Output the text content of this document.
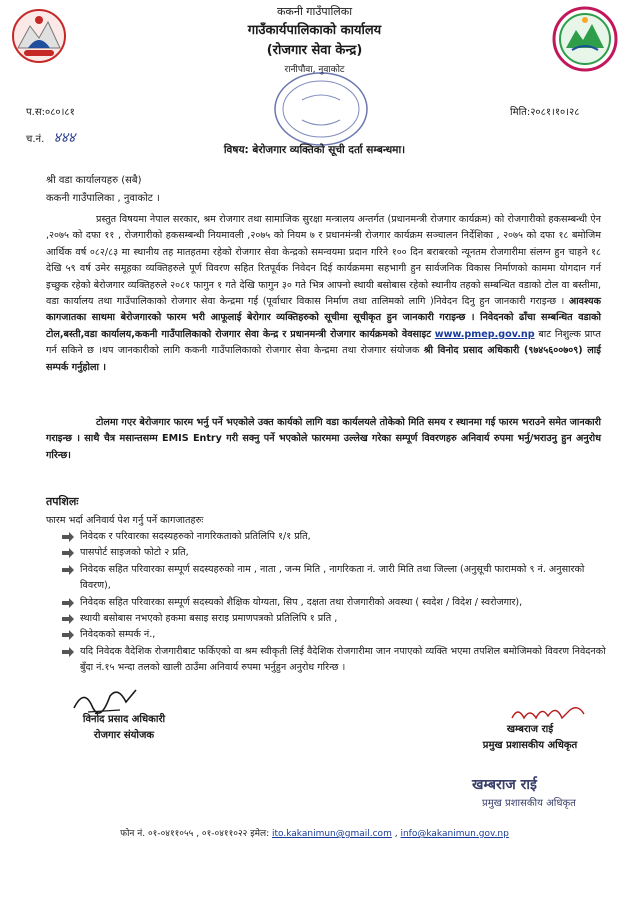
ककनी गाउँपालिका
गाउँकार्यपालिकाको कार्यालय
(रोजगार सेवा केन्द्र)
रानीपौवा, नुवाकोट
प.स:०८०।८१
च.नं. ४४४
मिति:२०८१।१०।२८
विषय: बेरोजगार व्यक्तिको सूची दर्ता सम्बन्धमा।
श्री वडा कार्यालयहरु (सबै)
ककनी गाउँपालिका , नुवाकोट ।

प्रस्तुत विषयमा नेपाल सरकार, श्रम रोजगार तथा सामाजिक सुरक्षा मन्त्रालय अन्तर्गत (प्रधानमन्त्री रोजगार कार्यक्रम) को रोजगारीको हकसम्बन्धी ऐन ,२०७५ को दफा ११ , रोजगारीको हकसम्बन्धी नियमावली ,२०७५ को नियम ७ र प्रधानमंन्त्री रोजगार कार्यक्रम सञ्चालन निर्देशिका , २०७५ को दफा १८ बमोजिम आर्थिक वर्ष ०८२/८३ मा स्थानीय तह मातहतमा रहेको रोजगार सेवा केन्द्रको समन्वयमा प्रदान गरिने १०० दिन बराबरको न्यूनतम रोजगारीमा संलग्न हुन चाहने १८ देखि ५९ वर्ष उमेर समूहका व्यक्तिहरुले पूर्ण विवरण सहित रितपूर्वक निवेदन दिई कार्यक्रममा सहभागी हुन सार्वजनिक विकास निर्माणको काममा योगदान गर्न इच्छुक रहेको बेरोजगार व्यक्तिहरुले २०८१ फागुन १ गते देखि फागुन ३० गते भित्र आफ्नो स्थायी बसोबास रहेको स्थानीय तहको सम्बन्धित वडाको टोल वा बस्तीमा, वडा कार्यालय तथा गाउँपालिकाको रोजगार सेवा केन्द्रमा गई (पूर्वाधार विकास निर्माण तथा तालिमको लागि )निवेदन दिनु हुन जानकारी गराइन्छ । आवश्यक कागजातका साथमा बेरोजगारको फारम भरी आफूलाई बेरोगार व्यक्तिहरुको सूचीमा सूचीकृत हुन जानकारी गराइन्छ । निवेदनको ढाँचा सम्बन्धित वडाको टोल,बस्ती,वडा कार्यालय,ककनी गाउँपालिकाको रोजगार सेवा केन्द्र र प्रधानमन्त्री रोजगार कार्यक्रमको वेवसाइट www.pmep.gov.np बाट निशुल्क प्राप्त गर्न सकिने छ ।थप जानकारीको लागि ककनी गाउँपालिकाको रोजगार सेवा केन्द्रमा तथा रोजगार संयोजक श्री विनोद प्रसाद अधिकारी (९७४५६००७०९) लाई सम्पर्क गर्नुहोला ।

टोलमा गएर बेरोजगार फारम भर्नु पर्ने भएकोले उक्त कार्यको लागि वडा कार्यलयले तोकेको मिति समय र स्थानमा गई फारम भराउने समेत जानकारी गराइन्छ । साथै चैत्र मसान्तसम्म EMIS Entry गरी सक्नु पर्ने भएकोले फारममा उल्लेख गरेका सम्पूर्ण विवरणहरु अनिवार्य रुपमा भर्नु/भराउनु हुन अनुरोध गरिन्छ।

तपशिलः
फारम भर्दा अनिवार्य पेश गर्नु पर्ने कागजातहरुः
निवेदक र परिवारका सदस्यहरुको नागरिकताको प्रतिलिपि १/१ प्रति,
पासपोर्ट साइजको फोटो २ प्रति,
निवेदक सहित परिवारका सम्पूर्ण सदस्यहरुको नाम , नाता , जन्म मिति , नागरिकता नं. जारी मिति तथा जिल्ला (अनुसूची फारामको ९ नं. अनुसारको विवरण),
निवेदक सहित परिवारका सम्पूर्ण सदस्यको शैक्षिक योग्यता, सिप , दक्षता तथा रोजगारीको अवस्था ( स्वदेश / विदेश / स्वरोजगार),
स्थायी बसोबास नभएको हकमा बसाइ सराइ प्रमाणपत्रको प्रतिलिपि १ प्रति ,
निवेदकको सम्पर्क नं.,
यदि निवेदक वैदेशिक रोजगारीबाट फर्किएको वा श्रम स्वीकृती लिई वैदेशिक रोजगारीमा जान नपाएको व्यक्ति भएमा तपशिल बमोजिमको विवरण निवेदनको बुँदा नं.१५ भन्दा तलको खाली ठाउँमा अनिवार्य रुपमा भर्नुहुन अनुरोध गरिन्छ ।
विनोद प्रसाद अधिकारी
रोजगार संयोजक
खम्बराज राई
प्रमुख प्रशासकीय अधिकृत
खम्बराज राई
प्रमुख प्रशासकीय अधिकृत
फोन नं. ०१-०४११०५५ , ०१-०४११०२२ इमेल: ito.kakanimun@gmail.com , info@kakanimun.gov.np
